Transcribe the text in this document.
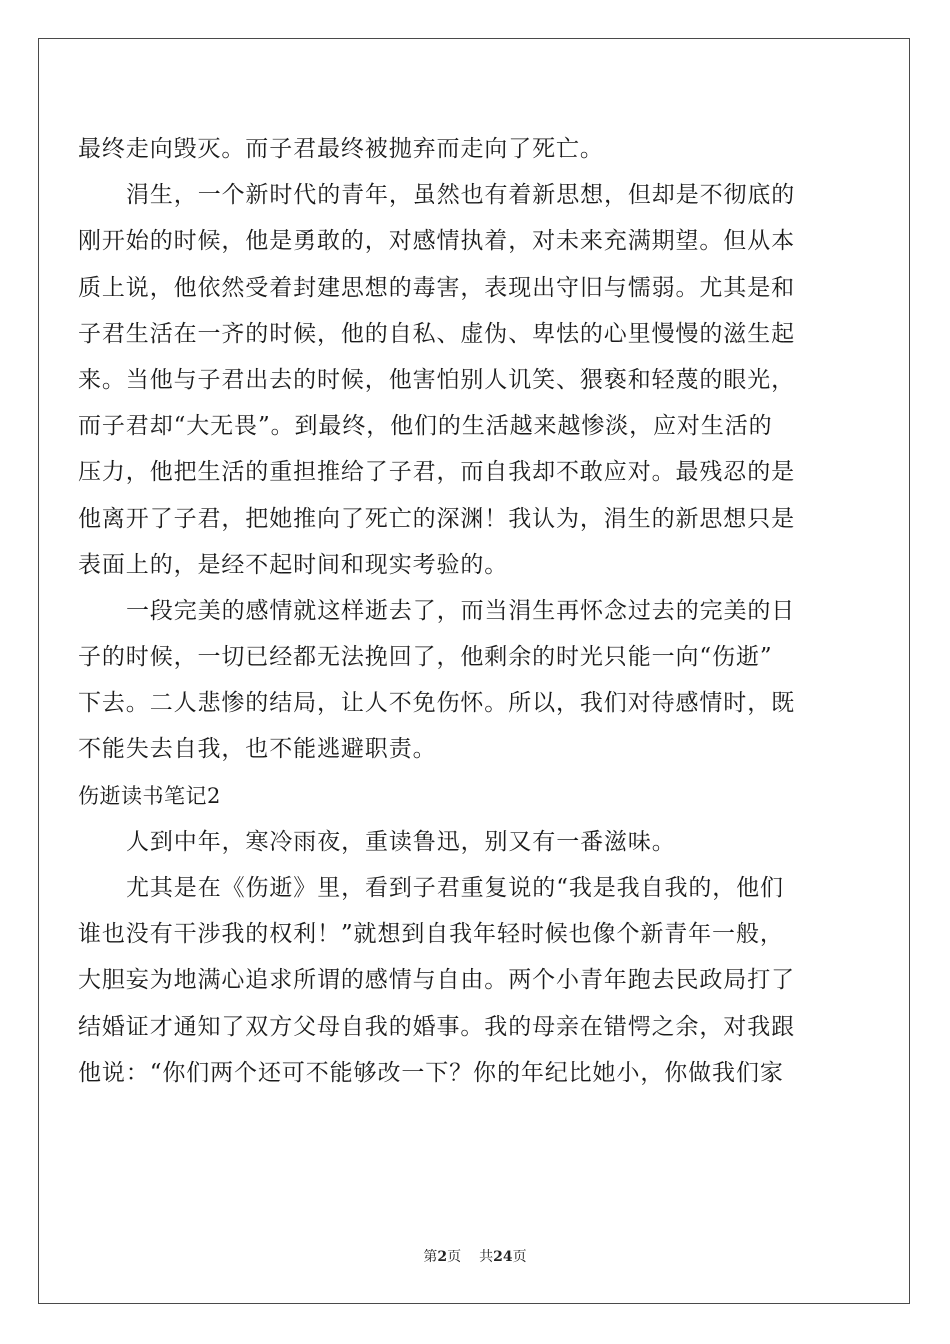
最终走向毁灭。而子君最终被抛弃而走向了死亡。
涓生，一个新时代的青年，虽然也有着新思想，但却是不彻底的
刚开始的时候，他是勇敢的，对感情执着，对未来充满期望。但从本
质上说，他依然受着封建思想的毒害，表现出守旧与懦弱。尤其是和
子君生活在一齐的时候，他的自私、虚伪、卑怯的心里慢慢的滋生起
来。当他与子君出去的时候，他害怕别人讥笑、猥亵和轻蔑的眼光，
而子君却“大无畏”。到最终，他们的生活越来越惨淡，应对生活的
压力，他把生活的重担推给了子君，而自我却不敢应对。最残忍的是
他离开了子君，把她推向了死亡的深渊！我认为，涓生的新思想只是
表面上的，是经不起时间和现实考验的。
一段完美的感情就这样逝去了，而当涓生再怀念过去的完美的日
子的时候，一切已经都无法挽回了，他剩余的时光只能一向“伤逝”
下去。二人悲惨的结局，让人不免伤怀。所以，我们对待感情时，既
不能失去自我，也不能逃避职责。
伤逝读书笔记2
人到中年，寒冷雨夜，重读鲁迅，别又有一番滋味。
尤其是在《伤逝》里，看到子君重复说的“我是我自我的，他们
谁也没有干涉我的权利！”就想到自我年轻时候也像个新青年一般，
大胆妄为地满心追求所谓的感情与自由。两个小青年跑去民政局打了
结婚证才通知了双方父母自我的婚事。我的母亲在错愕之余，对我跟
他说：“你们两个还可不能够改一下？你的年纪比她小，你做我们家
第2页 共24页
